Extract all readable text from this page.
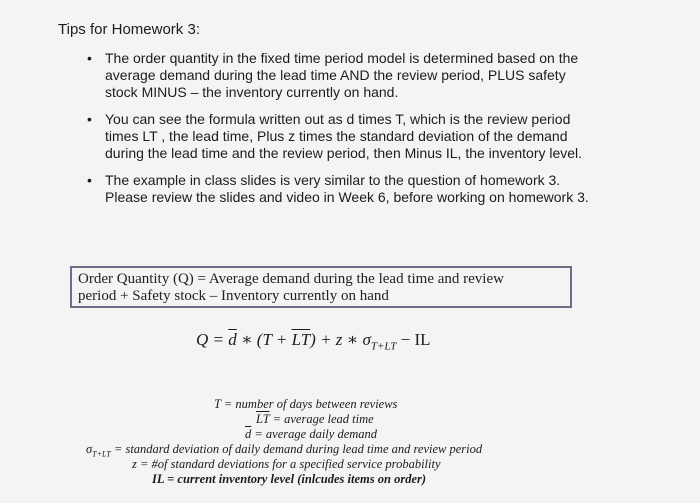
Tips for Homework 3:
• The order quantity in the fixed time period model is determined based on the average demand during the lead time AND the review period, PLUS safety stock MINUS – the inventory currently on hand.
• You can see the formula written out as d times T, which is the review period times LT , the lead time, Plus z times the standard deviation of the demand during the lead time and the review period, then Minus IL, the inventory level.
• The example in class slides is very similar to the question of homework 3. Please review the slides and video in Week 6, before working on homework 3.
Order Quantity (Q) = Average demand during the lead time and review
period + Safety stock – Inventory currently on hand
$Q = \overline{d}$ ∗ $(T + \overline{LT}) + z$ ∗ $\sigma_{T+LT}$ − IL
T = number of days between reviews
$\overline{LT}$ = average lead time
$\overline{d}$ = average daily demand
$\sigma_{T+LT}$ = standard deviation of daily demand during lead time and review period
z = #of standard deviations for a specified service probability
IL = current inventory level (inlcudes items on order)
